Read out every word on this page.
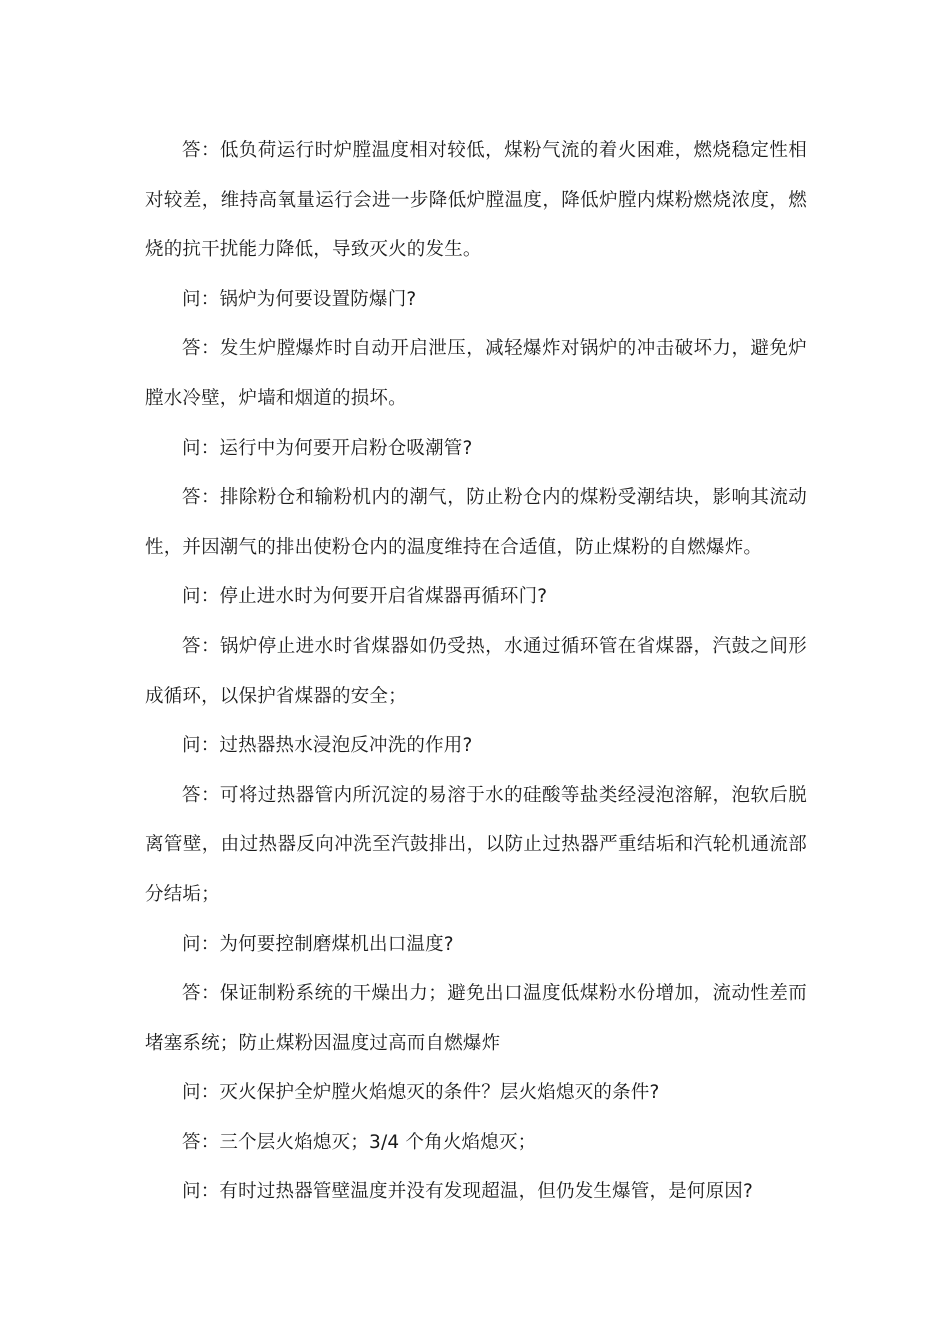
答：低负荷运行时炉膛温度相对较低，煤粉气流的着火困难，燃烧稳定性相对较差，维持高氧量运行会进一步降低炉膛温度，降低炉膛内煤粉燃烧浓度，燃烧的抗干扰能力降低，导致灭火的发生。

问：锅炉为何要设置防爆门?

答：发生炉膛爆炸时自动开启泄压，减轻爆炸对锅炉的冲击破坏力，避免炉膛水冷壁，炉墙和烟道的损坏。

问：运行中为何要开启粉仓吸潮管?

答：排除粉仓和输粉机内的潮气，防止粉仓内的煤粉受潮结块，影响其流动性，并因潮气的排出使粉仓内的温度维持在合适值，防止煤粉的自燃爆炸。

问：停止进水时为何要开启省煤器再循环门?

答：锅炉停止进水时省煤器如仍受热，水通过循环管在省煤器，汽鼓之间形成循环，以保护省煤器的安全；

问：过热器热水浸泡反冲洗的作用?

答：可将过热器管内所沉淀的易溶于水的硅酸等盐类经浸泡溶解，泡软后脱离管壁，由过热器反向冲洗至汽鼓排出，以防止过热器严重结垢和汽轮机通流部分结垢；

问：为何要控制磨煤机出口温度?

答：保证制粉系统的干燥出力；避免出口温度低煤粉水份增加，流动性差而堵塞系统；防止煤粉因温度过高而自燃爆炸

问：灭火保护全炉膛火焰熄灭的条件？层火焰熄灭的条件?

答：三个层火焰熄灭；3/4 个角火焰熄灭；

问：有时过热器管壁温度并没有发现超温，但仍发生爆管，是何原因?
